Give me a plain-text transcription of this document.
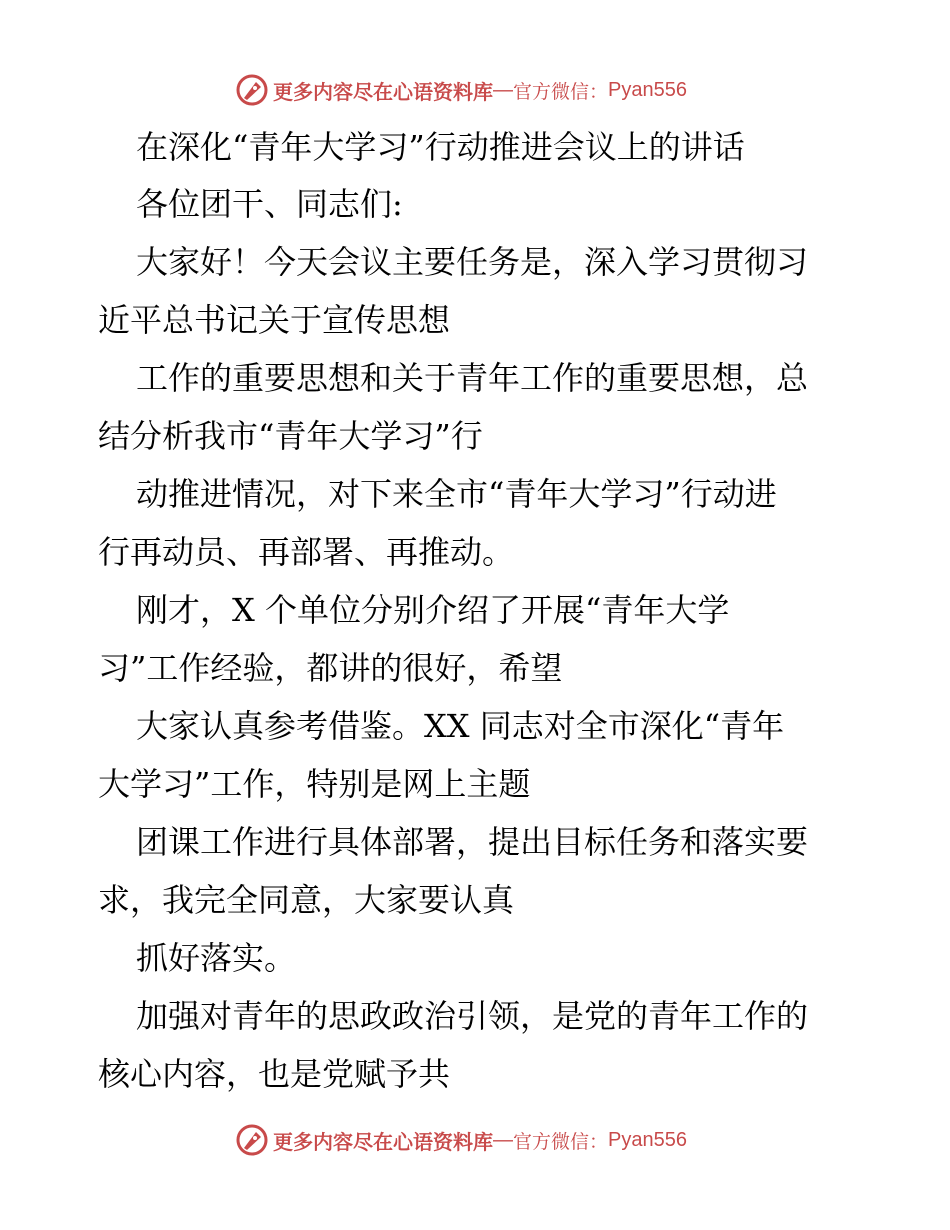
更多内容尽在心语资料库 — 官方微信： Pyan556

在深化“青年大学习”行动推进会议上的讲话

各位团干、同志们:

大家好！今天会议主要任务是，深入学习贯彻习

近平总书记关于宣传思想

工作的重要思想和关于青年工作的重要思想，总

结分析我市“青年大学习”行

动推进情况，对下来全市“青年大学习”行动进

行再动员、再部署、再推动。

刚才，X 个单位分别介绍了开展“青年大学

习”工作经验，都讲的很好，希望

大家认真参考借鉴。XX 同志对全市深化“青年

大学习”工作，特别是网上主题

团课工作进行具体部署，提出目标任务和落实要

求，我完全同意，大家要认真

抓好落实。

加强对青年的思政政治引领，是党的青年工作的

核心内容，也是党赋予共

更多内容尽在心语资料库 — 官方微信： Pyan556
